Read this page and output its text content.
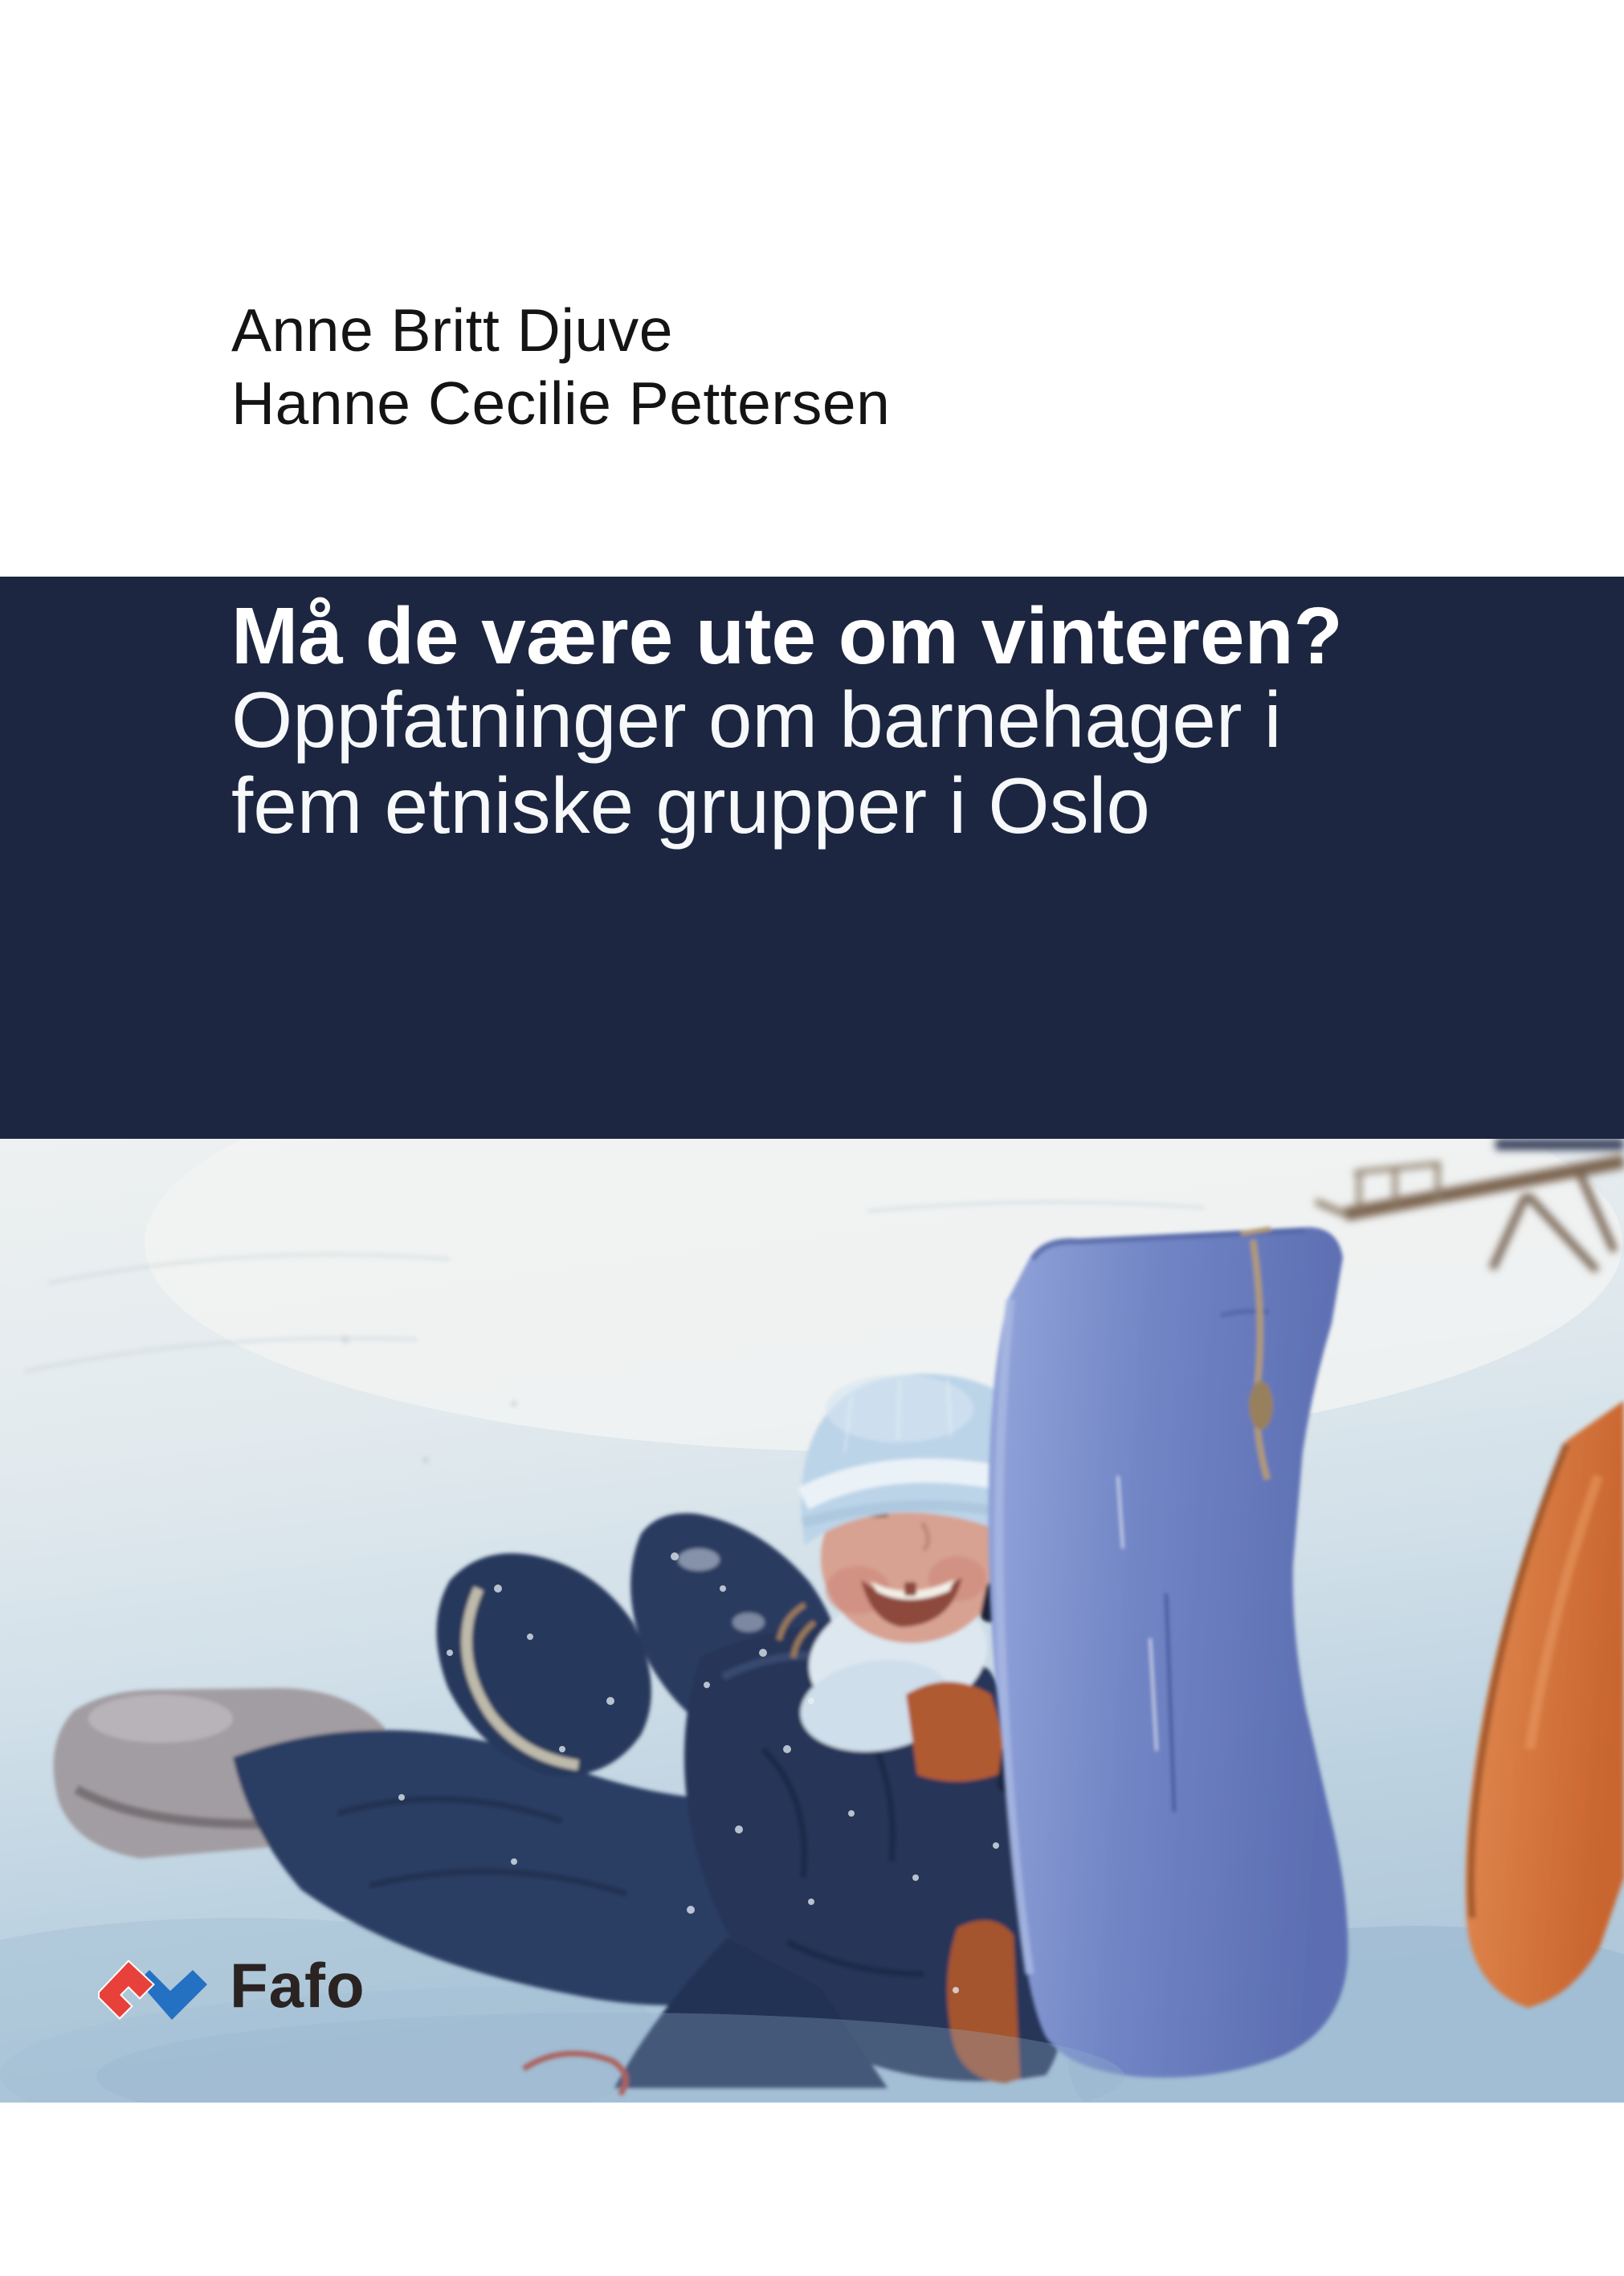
Anne Britt Djuve
Hanne Cecilie Pettersen
Må de være ute om vinteren?
Oppfatninger om barnehager i
fem etniske grupper i Oslo
Fafo
